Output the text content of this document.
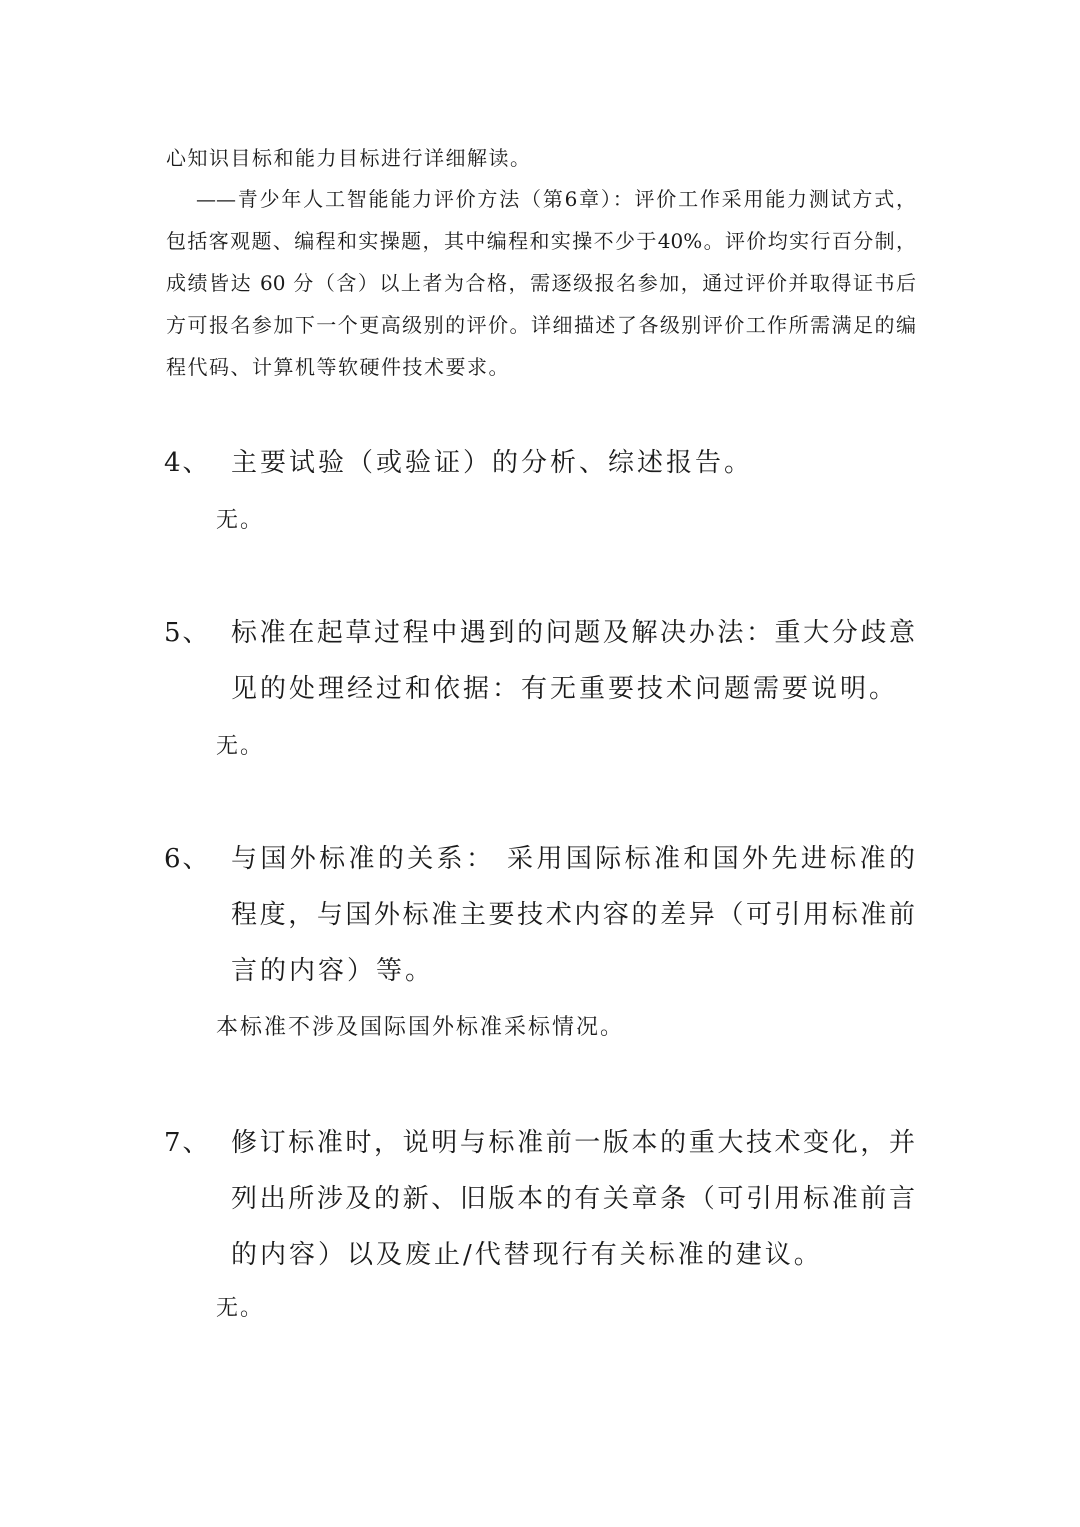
心知识目标和能力目标进行详细解读。

——青少年人工智能能力评价方法（第6章）：评价工作采用能力测试方式，

包括客观题、编程和实操题，其中编程和实操不少于40%。评价均实行百分制，

成绩皆达 60 分（含）以上者为合格，需逐级报名参加，通过评价并取得证书后

方可报名参加下一个更高级别的评价。详细描述了各级别评价工作所需满足的编

程代码、计算机等软硬件技术要求。

4、 主要试验（或验证）的分析、综述报告。

无。

5、 标准在起草过程中遇到的问题及解决办法：重大分歧意

见的处理经过和依据：有无重要技术问题需要说明。

无。

6、 与国外标准的关系： 采用国际标准和国外先进标准的

程度，与国外标准主要技术内容的差异（可引用标准前

言的内容）等。

本标准不涉及国际国外标准采标情况。

7、 修订标准时，说明与标准前一版本的重大技术变化，并

列出所涉及的新、旧版本的有关章条（可引用标准前言

的内容）以及废止/代替现行有关标准的建议。

无。
